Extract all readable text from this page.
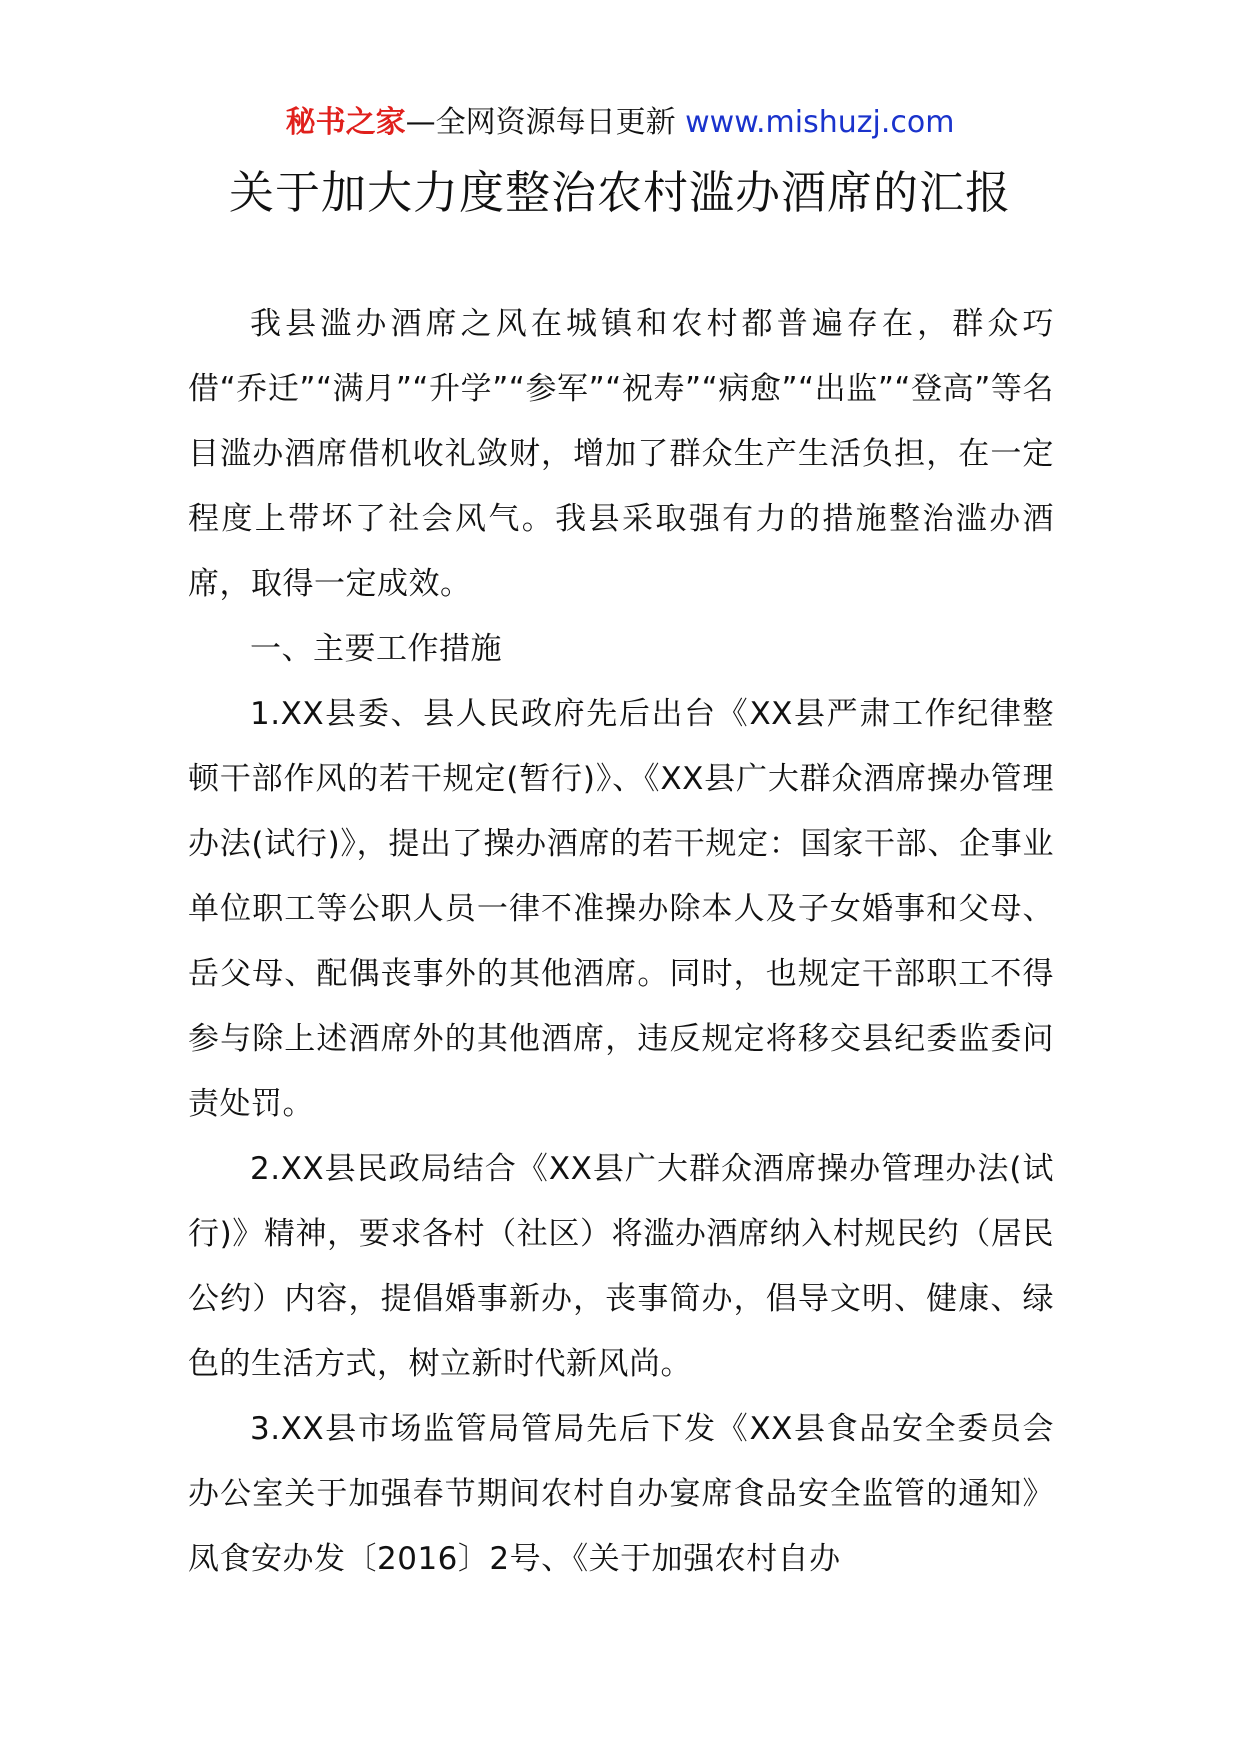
秘书之家—全网资源每日更新 www.mishuzj.com
关于加大力度整治农村滥办酒席的汇报

我县滥办酒席之风在城镇和农村都普遍存在，群众巧借“乔迁”“满月”“升学”“参军”“祝寿”“病愈”“出监”“登高”等名目滥办酒席借机收礼敛财，增加了群众生产生活负担，在一定程度上带坏了社会风气。我县采取强有力的措施整治滥办酒席，取得一定成效。

一、主要工作措施

1.XX县委、县人民政府先后出台《XX县严肃工作纪律整顿干部作风的若干规定(暂行)》、《XX县广大群众酒席操办管理办法(试行)》，提出了操办酒席的若干规定：国家干部、企事业单位职工等公职人员一律不准操办除本人及子女婚事和父母、岳父母、配偶丧事外的其他酒席。同时，也规定干部职工不得参与除上述酒席外的其他酒席，违反规定将移交县纪委监委问责处罚。

2.XX县民政局结合《XX县广大群众酒席操办管理办法(试行)》精神，要求各村（社区）将滥办酒席纳入村规民约（居民公约）内容，提倡婚事新办，丧事简办，倡导文明、健康、绿色的生活方式，树立新时代新风尚。

3.XX县市场监管局管局先后下发《XX县食品安全委员会办公室关于加强春节期间农村自办宴席食品安全监管的通知》凤食安办发〔2016〕2号、《关于加强农村自办
